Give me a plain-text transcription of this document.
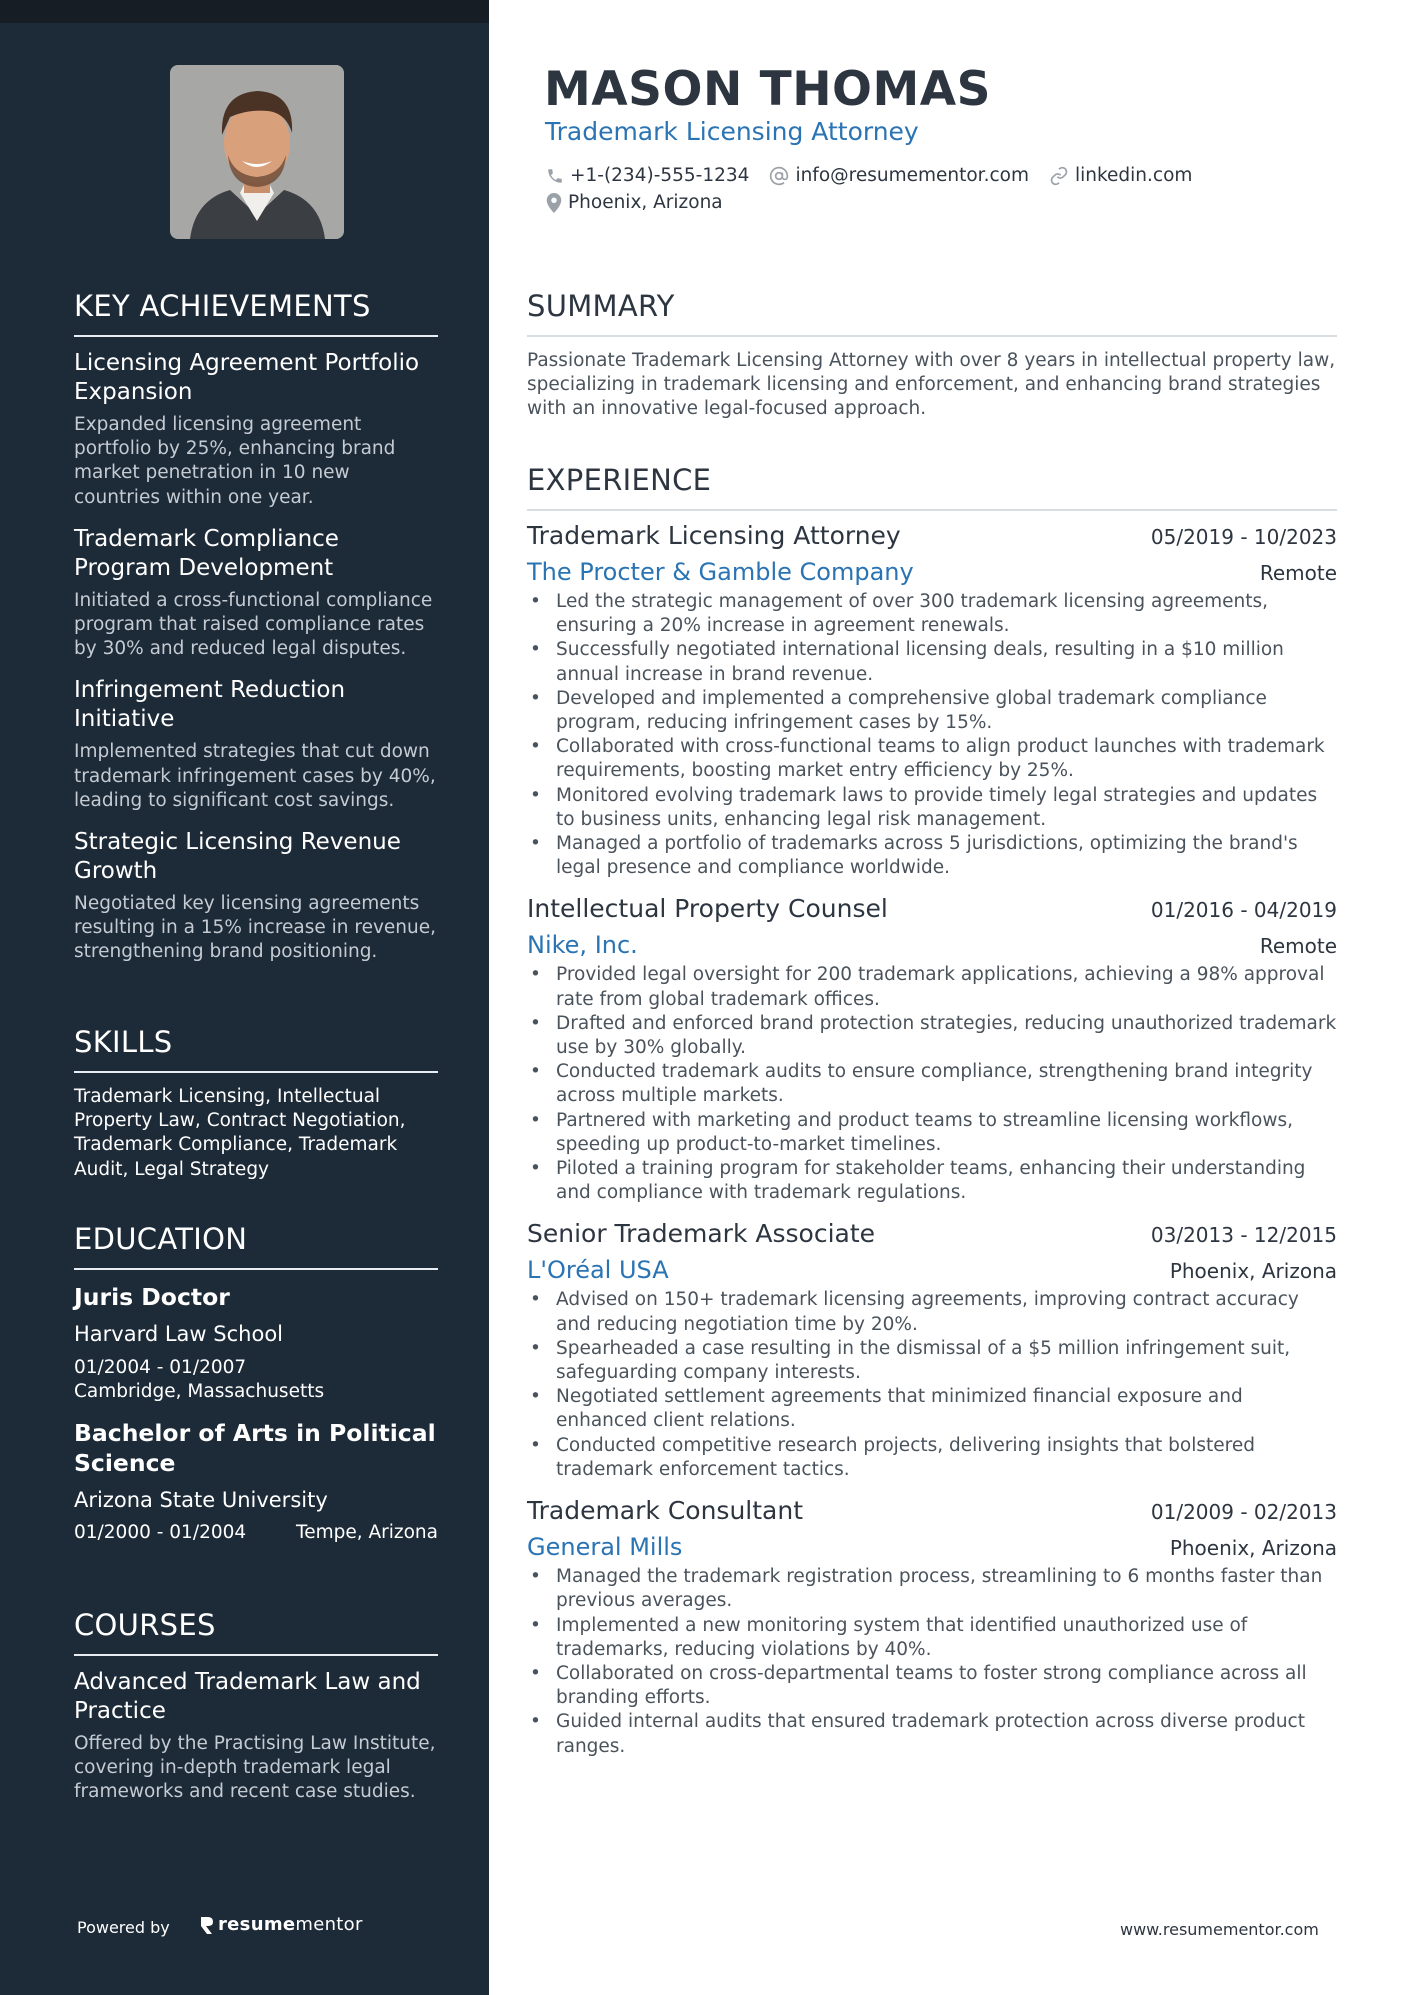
KEY ACHIEVEMENTS
Licensing Agreement Portfolio Expansion
Expanded licensing agreement portfolio by 25%, enhancing brand market penetration in 10 new countries within one year.
Trademark Compliance Program Development
Initiated a cross-functional compliance program that raised compliance rates by 30% and reduced legal disputes.
Infringement Reduction Initiative
Implemented strategies that cut down trademark infringement cases by 40%, leading to significant cost savings.
Strategic Licensing Revenue Growth
Negotiated key licensing agreements resulting in a 15% increase in revenue, strengthening brand positioning.
SKILLS
Trademark Licensing, Intellectual Property Law, Contract Negotiation, Trademark Compliance, Trademark Audit, Legal Strategy
EDUCATION
Juris Doctor
Harvard Law School
01/2004 - 01/2007
Cambridge, Massachusetts
Bachelor of Arts in Political Science
Arizona State University
01/2000 - 01/2004	Tempe, Arizona
COURSES
Advanced Trademark Law and Practice
Offered by the Practising Law Institute, covering in-depth trademark legal frameworks and recent case studies.
Powered by	resumementor
MASON THOMAS
Trademark Licensing Attorney
+1-(234)-555-1234 info@resumementor.com linkedin.com
Phoenix, Arizona
SUMMARY
Passionate Trademark Licensing Attorney with over 8 years in intellectual property law, specializing in trademark licensing and enforcement, and enhancing brand strategies with an innovative legal-focused approach.
EXPERIENCE
Trademark Licensing Attorney	05/2019 - 10/2023
The Procter & Gamble Company	Remote
• Led the strategic management of over 300 trademark licensing agreements, ensuring a 20% increase in agreement renewals.
• Successfully negotiated international licensing deals, resulting in a $10 million annual increase in brand revenue.
• Developed and implemented a comprehensive global trademark compliance program, reducing infringement cases by 15%.
• Collaborated with cross-functional teams to align product launches with trademark requirements, boosting market entry efficiency by 25%.
• Monitored evolving trademark laws to provide timely legal strategies and updates to business units, enhancing legal risk management.
• Managed a portfolio of trademarks across 5 jurisdictions, optimizing the brand's legal presence and compliance worldwide.
Intellectual Property Counsel	01/2016 - 04/2019
Nike, Inc.	Remote
• Provided legal oversight for 200 trademark applications, achieving a 98% approval rate from global trademark offices.
• Drafted and enforced brand protection strategies, reducing unauthorized trademark use by 30% globally.
• Conducted trademark audits to ensure compliance, strengthening brand integrity across multiple markets.
• Partnered with marketing and product teams to streamline licensing workflows, speeding up product-to-market timelines.
• Piloted a training program for stakeholder teams, enhancing their understanding and compliance with trademark regulations.
Senior Trademark Associate	03/2013 - 12/2015
L'Oréal USA	Phoenix, Arizona
• Advised on 150+ trademark licensing agreements, improving contract accuracy and reducing negotiation time by 20%.
• Spearheaded a case resulting in the dismissal of a $5 million infringement suit, safeguarding company interests.
• Negotiated settlement agreements that minimized financial exposure and enhanced client relations.
• Conducted competitive research projects, delivering insights that bolstered trademark enforcement tactics.
Trademark Consultant	01/2009 - 02/2013
General Mills	Phoenix, Arizona
• Managed the trademark registration process, streamlining to 6 months faster than previous averages.
• Implemented a new monitoring system that identified unauthorized use of trademarks, reducing violations by 40%.
• Collaborated on cross-departmental teams to foster strong compliance across all branding efforts.
• Guided internal audits that ensured trademark protection across diverse product ranges.
www.resumementor.com
